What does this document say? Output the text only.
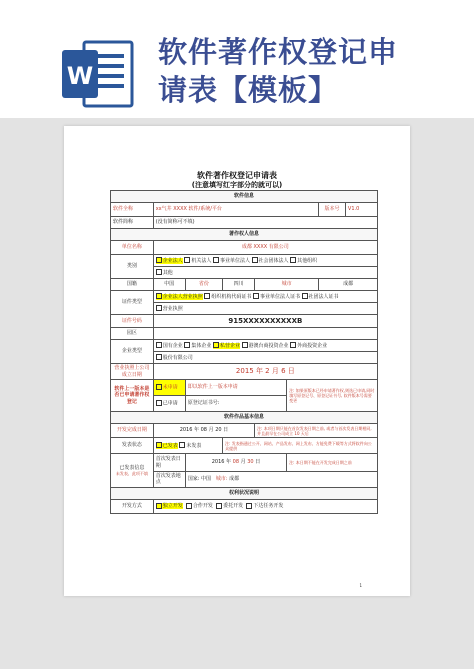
W
软件著作权登记申
请表【模板】
软件著作权登记申请表
(注意填写红字部分的就可以)
软件信息							
软件全称	xx气井 XXXX 软件/系统/平台					版本号	V1.0
软件简称	(没有简称可不填)						
著作权人信息							
单位名称	成都 XXXX 有限公司						
类别	企业法人 机关法人 事业单位法人 社会团体法人 其他组织						
	其他						
国籍	中国	省份	四川	城市		成都	
证件类型	企业法人营业执照 组织机构代码证书 事业单位法人证书 社团法人证书						
	营业执照						
证件号码	915XXXXXXXXXXB						
园区							
企业类型	国有企业 集体企业 私营企业 港澳台商投资企业 外商投资企业						
	股份有限公司						
营业执照上公司成立日期	2015 年 2 月 6 日						
软件上一版本是否已申请著作权登记	未申请	即以软件上一版本申请			注: 如果原版本已经申请著作权,则选已申请,同时填写原登记号、原登记证书号, 软件版本号需要变更		
	已申请	原登记证书号:					
软件作品基本信息							
开发完成日期	2016 年 08 月 20 日			注: 本项日期只能在首次发表日期之前, 或者与首次发表日期相同, 并且最早在公司成立 10 天后			
发表状态	已发表 未发表		注: 发表指通过公开、网站、产品发布、网上发布、方能免费下载等方式将软件向公众提供				

已发表信息
未发表、此项不填	首次发表日期	2016 年 08 月 30 日			注: 本日期不能在开发完成日期之前		
	首次发表地点	国家: 中国 城市: 成都					
权利状况说明							
开发方式	独立开发 合作开发 委托开发 下达任务开发						
1
